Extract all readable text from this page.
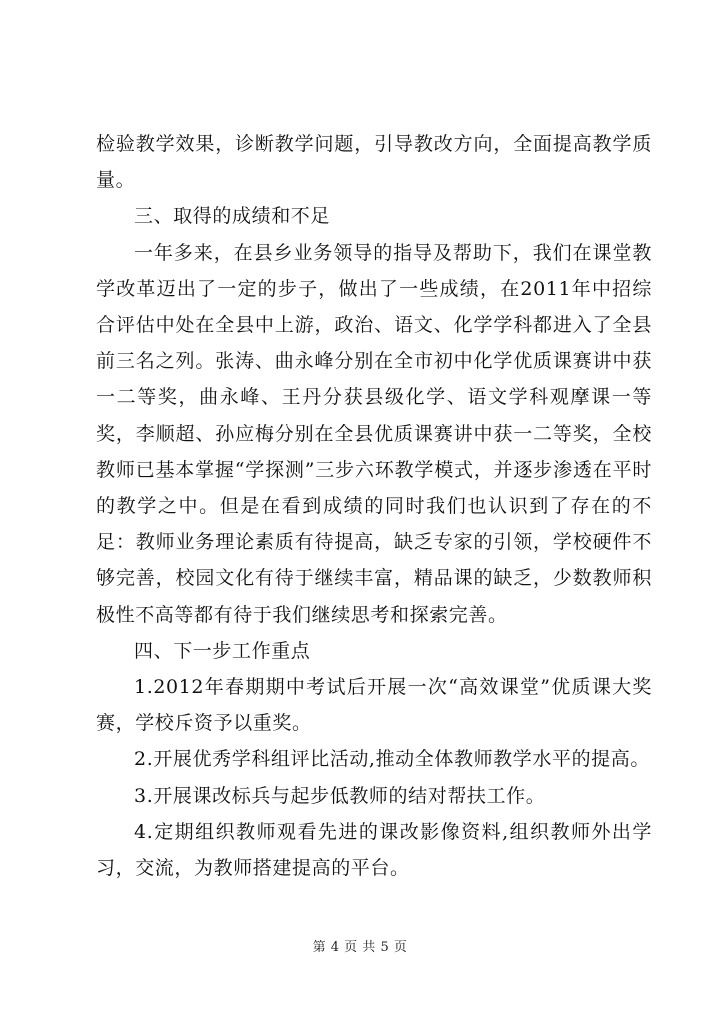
检验教学效果，诊断教学问题，引导教改方向，全面提高教学质量。

三、取得的成绩和不足

一年多来，在县乡业务领导的指导及帮助下，我们在课堂教学改革迈出了一定的步子，做出了一些成绩，在2011年中招综合评估中处在全县中上游，政治、语文、化学学科都进入了全县前三名之列。张涛、曲永峰分别在全市初中化学优质课赛讲中获一二等奖，曲永峰、王丹分获县级化学、语文学科观摩课一等奖，李顺超、孙应梅分别在全县优质课赛讲中获一二等奖，全校教师已基本掌握“学探测”三步六环教学模式，并逐步渗透在平时的教学之中。但是在看到成绩的同时我们也认识到了存在的不足：教师业务理论素质有待提高，缺乏专家的引领，学校硬件不够完善，校园文化有待于继续丰富，精品课的缺乏，少数教师积极性不高等都有待于我们继续思考和探索完善。

四、下一步工作重点

1.2012年春期期中考试后开展一次“高效课堂”优质课大奖赛，学校斥资予以重奖。

2.开展优秀学科组评比活动,推动全体教师教学水平的提高。

3.开展课改标兵与起步低教师的结对帮扶工作。

4.定期组织教师观看先进的课改影像资料,组织教师外出学习，交流，为教师搭建提高的平台。

第 4 页 共 5 页
